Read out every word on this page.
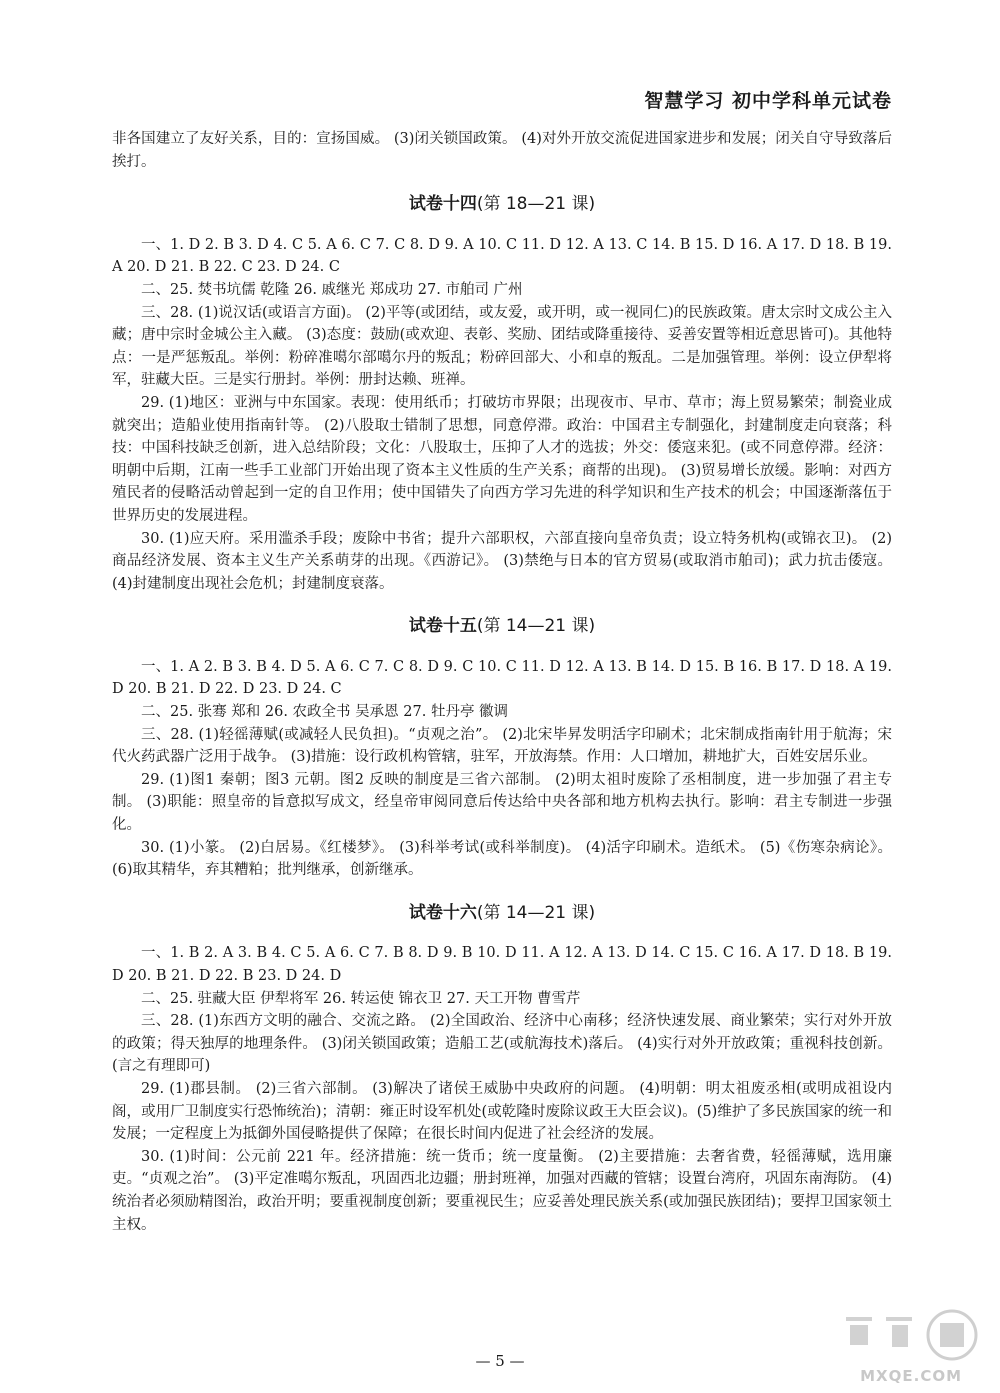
智慧学习 初中学科单元试卷

非各国建立了友好关系，目的：宣扬国威。 (3)闭关锁国政策。 (4)对外开放交流促进国家进步和发展；闭关自守导致落后挨打。

试卷十四(第 18—21 课)

一、1. D 2. B 3. D 4. C 5. A 6. C 7. C 8. D 9. A 10. C 11. D 12. A 13. C 14. B 15. D 16. A 17. D 18. B 19. A 20. D 21. B 22. C 23. D 24. C

二、25. 焚书坑儒 乾隆 26. 戚继光 郑成功 27. 市舶司 广州

三、28. (1)说汉话(或语言方面)。 (2)平等(或团结，或友爱，或开明，或一视同仁)的民族政策。唐太宗时文成公主入藏；唐中宗时金城公主入藏。 (3)态度：鼓励(或欢迎、表彰、奖励、团结或降重接待、妥善安置等相近意思皆可)。其他特点：一是严惩叛乱。举例：粉碎准噶尔部噶尔丹的叛乱；粉碎回部大、小和卓的叛乱。二是加强管理。举例：设立伊犁将军，驻藏大臣。三是实行册封。举例：册封达赖、班禅。

29. (1)地区：亚洲与中东国家。表现：使用纸币；打破坊市界限；出现夜市、早市、草市；海上贸易繁荣；制瓷业成就突出；造船业使用指南针等。 (2)八股取士错制了思想，同意停滞。政治：中国君主专制强化，封建制度走向衰落；科技：中国科技缺乏创新，进入总结阶段；文化：八股取士，压抑了人才的选拔；外交：倭寇来犯。(或不同意停滞。经济：明朝中后期，江南一些手工业部门开始出现了资本主义性质的生产关系；商帮的出现)。 (3)贸易增长放缓。影响：对西方殖民者的侵略活动曾起到一定的自卫作用；使中国错失了向西方学习先进的科学知识和生产技术的机会；中国逐渐落伍于世界历史的发展进程。

30. (1)应天府。采用滥杀手段；废除中书省；提升六部职权，六部直接向皇帝负责；设立特务机构(或锦衣卫)。 (2)商品经济发展、资本主义生产关系萌芽的出现。《西游记》。 (3)禁绝与日本的官方贸易(或取消市舶司)；武力抗击倭寇。 (4)封建制度出现社会危机；封建制度衰落。

试卷十五(第 14—21 课)

一、1. A 2. B 3. B 4. D 5. A 6. C 7. C 8. D 9. C 10. C 11. D 12. A 13. B 14. D 15. B 16. B 17. D 18. A 19. D 20. B 21. D 22. D 23. D 24. C

二、25. 张骞 郑和 26. 农政全书 吴承恩 27. 牡丹亭 徽调

三、28. (1)轻徭薄赋(或减轻人民负担)。“贞观之治”。 (2)北宋毕昇发明活字印刷术；北宋制成指南针用于航海；宋代火药武器广泛用于战争。 (3)措施：设行政机构管辖，驻军，开放海禁。作用：人口增加，耕地扩大，百姓安居乐业。

29. (1)图1 秦朝；图3 元朝。图2 反映的制度是三省六部制。 (2)明太祖时废除了丞相制度，进一步加强了君主专制。 (3)职能：照皇帝的旨意拟写成文，经皇帝审阅同意后传达给中央各部和地方机构去执行。影响：君主专制进一步强化。

30. (1)小篆。 (2)白居易。《红楼梦》。 (3)科举考试(或科举制度)。 (4)活字印刷术。造纸术。 (5)《伤寒杂病论》。 (6)取其精华，弃其糟粕；批判继承，创新继承。

试卷十六(第 14—21 课)

一、1. B 2. A 3. B 4. C 5. A 6. C 7. B 8. D 9. B 10. D 11. A 12. A 13. D 14. C 15. C 16. A 17. D 18. B 19. D 20. B 21. D 22. B 23. D 24. D

二、25. 驻藏大臣 伊犁将军 26. 转运使 锦衣卫 27. 天工开物 曹雪芹

三、28. (1)东西方文明的融合、交流之路。 (2)全国政治、经济中心南移；经济快速发展、商业繁荣；实行对外开放的政策；得天独厚的地理条件。 (3)闭关锁国政策；造船工艺(或航海技术)落后。 (4)实行对外开放政策；重视科技创新。(言之有理即可)

29. (1)郡县制。 (2)三省六部制。 (3)解决了诸侯王威胁中央政府的问题。 (4)明朝：明太祖废丞相(或明成祖设内阁，或用厂卫制度实行恐怖统治)；清朝：雍正时设军机处(或乾隆时废除议政王大臣会议)。(5)维护了多民族国家的统一和发展；一定程度上为抵御外国侵略提供了保障；在很长时间内促进了社会经济的发展。

30. (1)时间：公元前 221 年。经济措施：统一货币；统一度量衡。 (2)主要措施：去奢省费，轻徭薄赋，选用廉吏。“贞观之治”。 (3)平定准噶尔叛乱，巩固西北边疆；册封班禅，加强对西藏的管辖；设置台湾府，巩固东南海防。 (4)统治者必须励精图治，政治开明；要重视制度创新；要重视民生；应妥善处理民族关系(或加强民族团结)；要捍卫国家领土主权。

— 5 —
MXQE.COM
